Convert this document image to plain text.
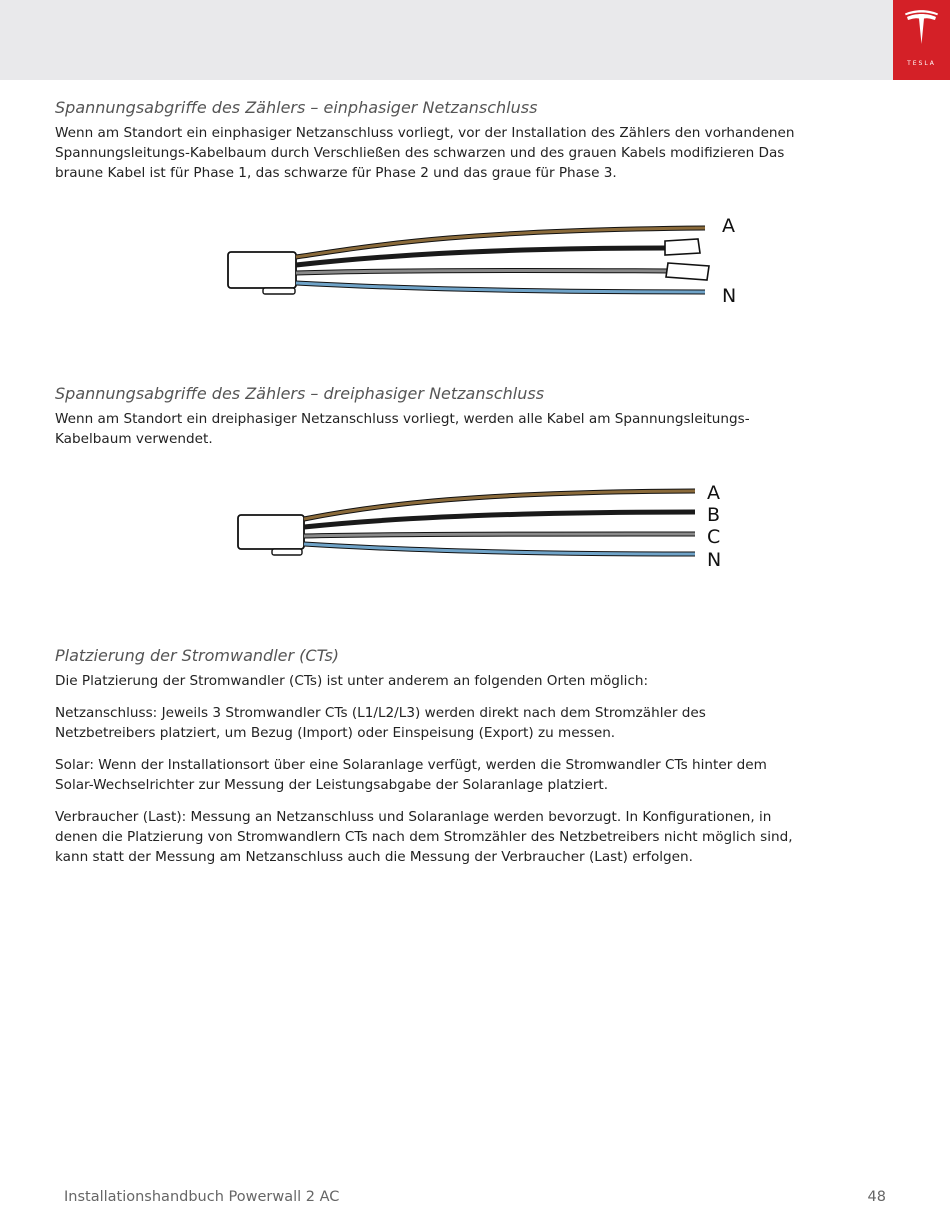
TESLA
Spannungsabgriffe des Zählers – einphasiger Netzanschluss
Wenn am Standort ein einphasiger Netzanschluss vorliegt, vor der Installation des Zählers den vorhandenen
Spannungsleitungs-Kabelbaum durch Verschließen des schwarzen und des grauen Kabels modifizieren Das
braune Kabel ist für Phase 1, das schwarze für Phase 2 und das graue für Phase 3.
A
N
Spannungsabgriffe des Zählers – dreiphasiger Netzanschluss
Wenn am Standort ein dreiphasiger Netzanschluss vorliegt, werden alle Kabel am Spannungsleitungs-
Kabelbaum verwendet.
A
B
C
N
Platzierung der Stromwandler (CTs)
Die Platzierung der Stromwandler (CTs) ist unter anderem an folgenden Orten möglich:
Netzanschluss: Jeweils 3 Stromwandler CTs (L1/L2/L3) werden direkt nach dem Stromzähler des
Netzbetreibers platziert, um Bezug (Import) oder Einspeisung (Export) zu messen.
Solar: Wenn der Installationsort über eine Solaranlage verfügt, werden die Stromwandler CTs hinter dem
Solar-Wechselrichter zur Messung der Leistungsabgabe der Solaranlage platziert.
Verbraucher (Last): Messung an Netzanschluss und Solaranlage werden bevorzugt. In Konfigurationen, in
denen die Platzierung von Stromwandlern CTs nach dem Stromzähler des Netzbetreibers nicht möglich sind,
kann statt der Messung am Netzanschluss auch die Messung der Verbraucher (Last) erfolgen.
Installationshandbuch Powerwall 2 AC	48
